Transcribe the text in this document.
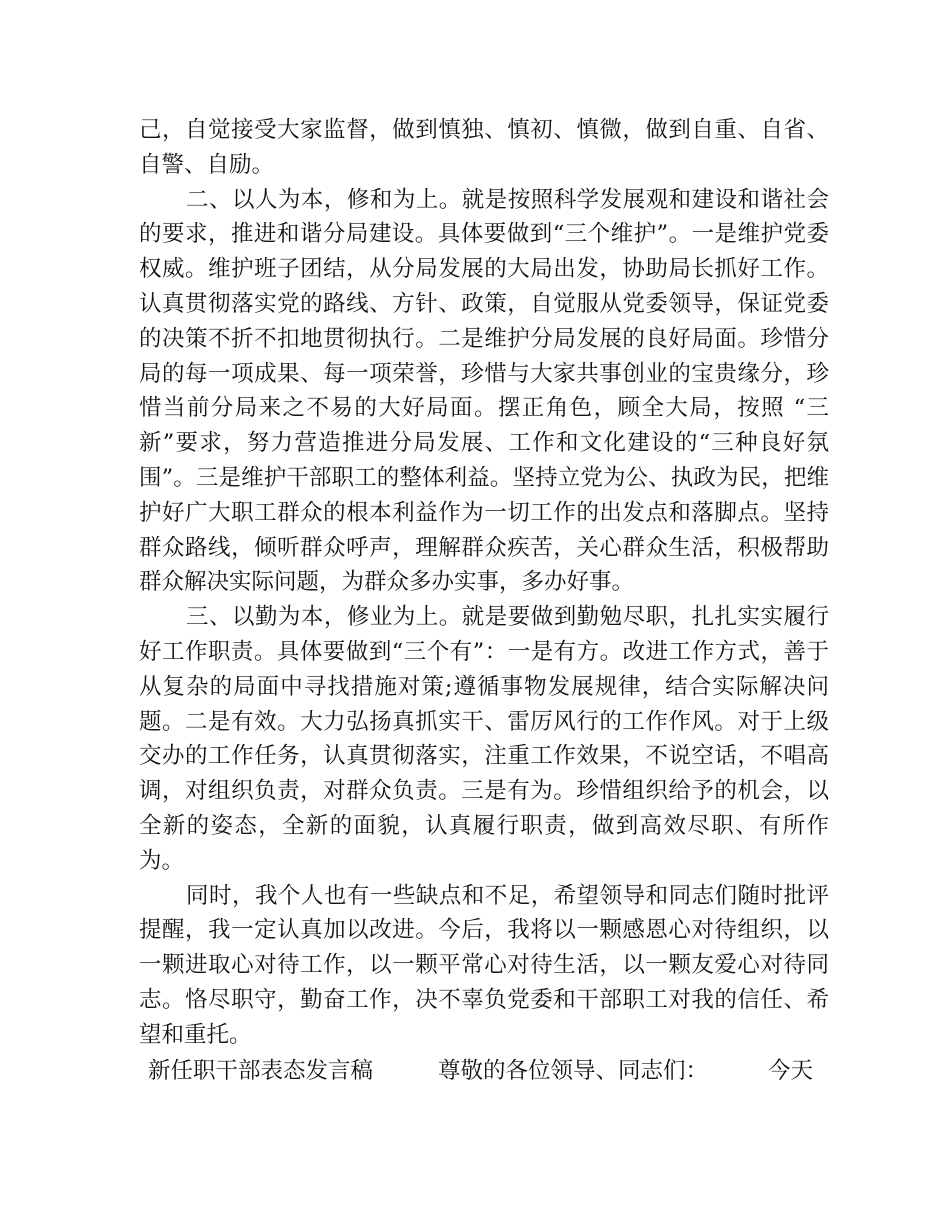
己，自觉接受大家监督，做到慎独、慎初、慎微，做到自重、自省、自警、自励。

二、以人为本，修和为上。就是按照科学发展观和建设和谐社会的要求，推进和谐分局建设。具体要做到“三个维护”。一是维护党委权威。维护班子团结，从分局发展的大局出发，协助局长抓好工作。认真贯彻落实党的路线、方针、政策，自觉服从党委领导，保证党委的决策不折不扣地贯彻执行。二是维护分局发展的良好局面。珍惜分局的每一项成果、每一项荣誉，珍惜与大家共事创业的宝贵缘分，珍惜当前分局来之不易的大好局面。摆正角色，顾全大局，按照 “三新”要求，努力营造推进分局发展、工作和文化建设的“三种良好氛围”。三是维护干部职工的整体利益。坚持立党为公、执政为民，把维护好广大职工群众的根本利益作为一切工作的出发点和落脚点。坚持群众路线，倾听群众呼声，理解群众疾苦，关心群众生活，积极帮助群众解决实际问题，为群众多办实事，多办好事。

三、以勤为本，修业为上。就是要做到勤勉尽职，扎扎实实履行好工作职责。具体要做到“三个有”：一是有方。改进工作方式，善于从复杂的局面中寻找措施对策;遵循事物发展规律，结合实际解决问题。二是有效。大力弘扬真抓实干、雷厉风行的工作作风。对于上级交办的工作任务，认真贯彻落实，注重工作效果，不说空话，不唱高调，对组织负责，对群众负责。三是有为。珍惜组织给予的机会，以全新的姿态，全新的面貌，认真履行职责，做到高效尽职、有所作为。

同时，我个人也有一些缺点和不足，希望领导和同志们随时批评提醒，我一定认真加以改进。今后，我将以一颗感恩心对待组织，以一颗进取心对待工作，以一颗平常心对待生活，以一颗友爱心对待同志。恪尽职守，勤奋工作，决不辜负党委和干部职工对我的信任、希望和重托。

新任职干部表态发言稿	尊敬的各位领导、同志们：	今天
